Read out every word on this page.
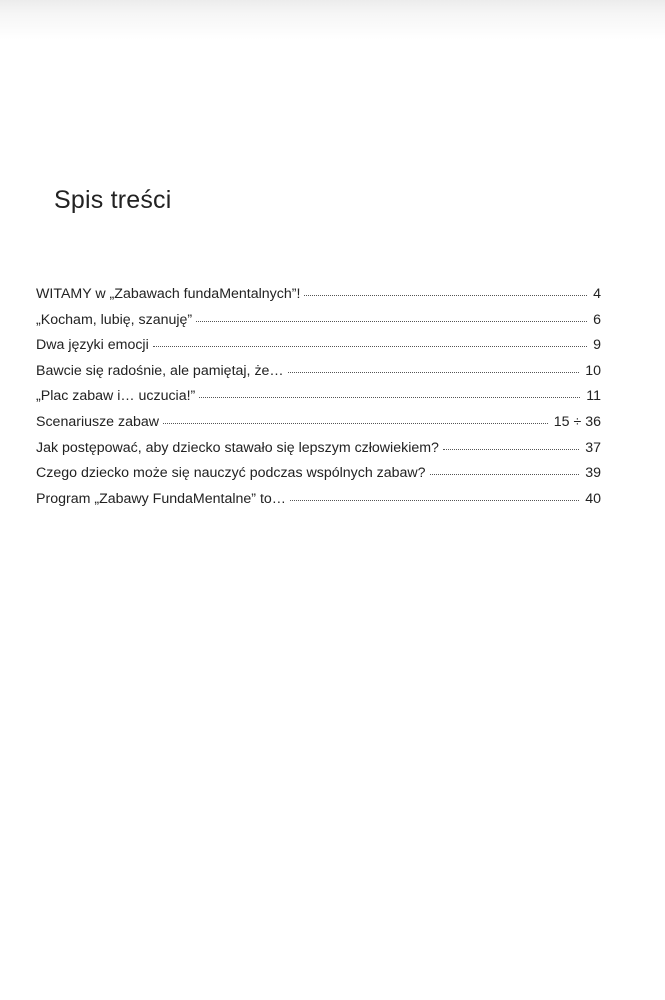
Spis treści
WITAMY w „Zabawach fundaMentalnych”!	4
„Kocham, lubię, szanuję”	6
Dwa języki emocji	9
Bawcie się radośnie, ale pamiętaj, że…	10
„Plac zabaw i… uczucia!”	11
Scenariusze zabaw	15 ÷ 36
Jak postępować, aby dziecko stawało się lepszym człowiekiem?	37
Czego dziecko może się nauczyć podczas wspólnych zabaw?	39
Program „Zabawy FundaMentalne” to…	40
